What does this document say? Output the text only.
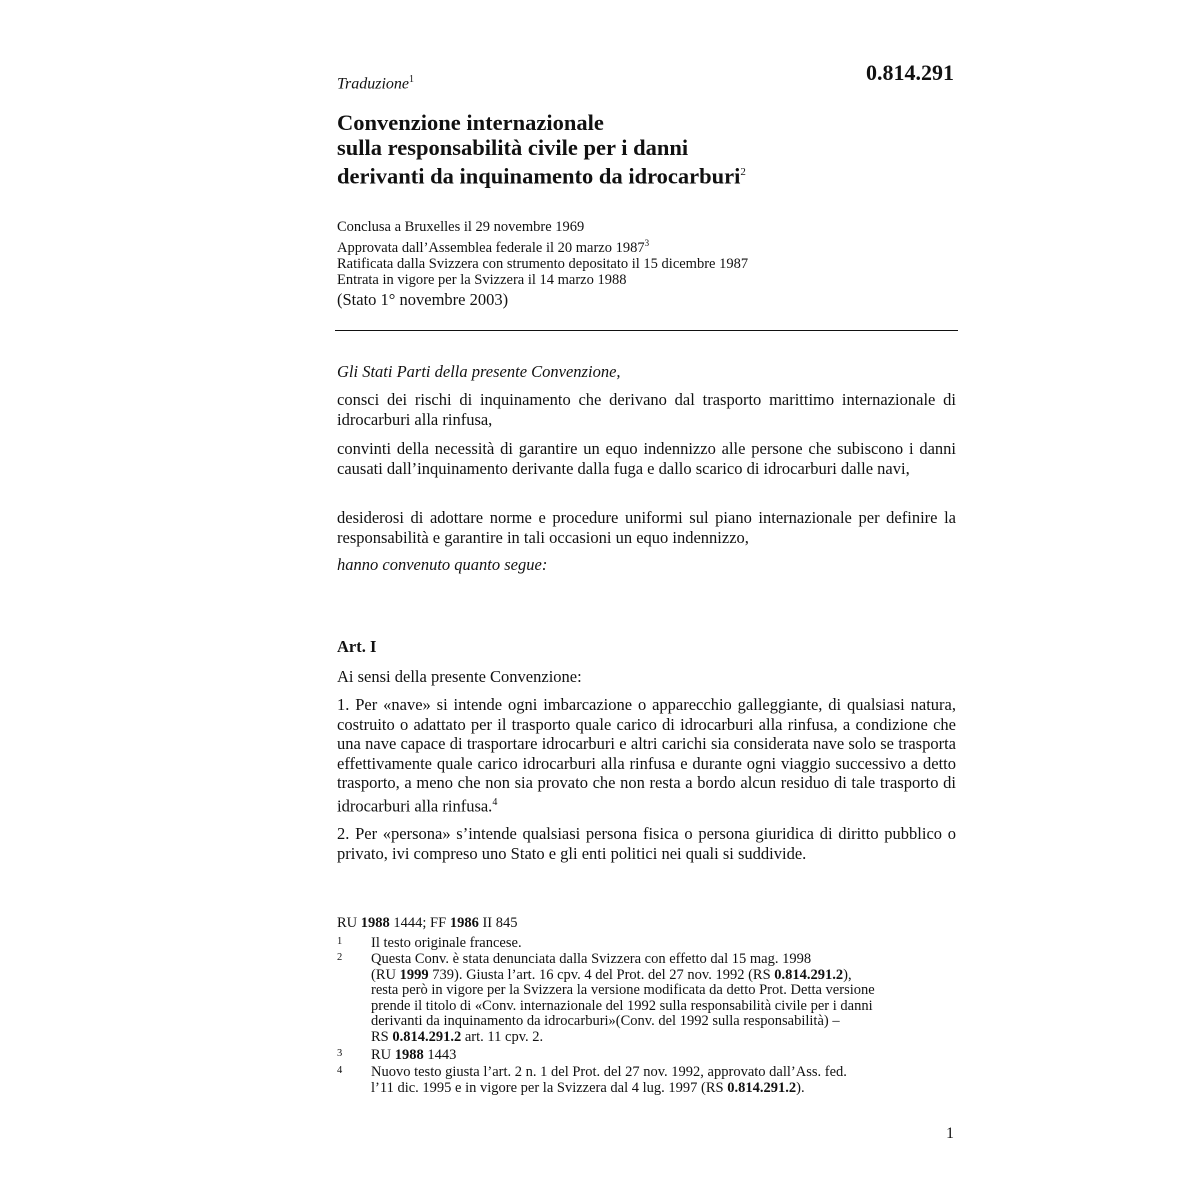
Traduzione$^1$	0.814.291
Convenzione internazionale
sulla responsabilità civile per i danni
derivanti da inquinamento da idrocarburi$^2$
Conclusa a Bruxelles il 29 novembre 1969
Approvata dall’Assemblea federale il 20 marzo 1987$^3$
Ratificata dalla Svizzera con strumento depositato il 15 dicembre 1987
Entrata in vigore per la Svizzera il 14 marzo 1988
(Stato 1° novembre 2003)
Gli Stati Parti della presente Convenzione,
consci dei rischi di inquinamento che derivano dal trasporto marittimo internazionale di idrocarburi alla rinfusa,
convinti della necessità di garantire un equo indennizzo alle persone che subiscono i danni causati dall’inquinamento derivante dalla fuga e dallo scarico di idrocarburi dalle navi,
desiderosi di adottare norme e procedure uniformi sul piano internazionale per definire la responsabilità e garantire in tali occasioni un equo indennizzo,
hanno convenuto quanto segue:
Art. I
Ai sensi della presente Convenzione:
1. Per «nave» si intende ogni imbarcazione o apparecchio galleggiante, di qualsiasi natura, costruito o adattato per il trasporto quale carico di idrocarburi alla rinfusa, a condizione che una nave capace di trasportare idrocarburi e altri carichi sia considerata nave solo se trasporta effettivamente quale carico idrocarburi alla rinfusa e durante ogni viaggio successivo a detto trasporto, a meno che non sia provato che non resta a bordo alcun residuo di tale trasporto di idrocarburi alla rinfusa.$^4$
2. Per «persona» s’intende qualsiasi persona fisica o persona giuridica di diritto pubblico o privato, ivi compreso uno Stato e gli enti politici nei quali si suddivide.
RU 1988 1444; FF 1986 II 845
1	Il testo originale francese.
2	Questa Conv. è stata denunciata dalla Svizzera con effetto dal 15 mag. 1998
(RU 1999 739). Giusta l’art. 16 cpv. 4 del Prot. del 27 nov. 1992 (RS 0.814.291.2),
resta però in vigore per la Svizzera la versione modificata da detto Prot. Detta versione
prende il titolo di «Conv. internazionale del 1992 sulla responsabilità civile per i danni
derivanti da inquinamento da idrocarburi»(Conv. del 1992 sulla responsabilità) –
RS 0.814.291.2 art. 11 cpv. 2.
3	RU 1988 1443
4	Nuovo testo giusta l’art. 2 n. 1 del Prot. del 27 nov. 1992, approvato dall’Ass. fed.
l’11 dic. 1995 e in vigore per la Svizzera dal 4 lug. 1997 (RS 0.814.291.2).
1
